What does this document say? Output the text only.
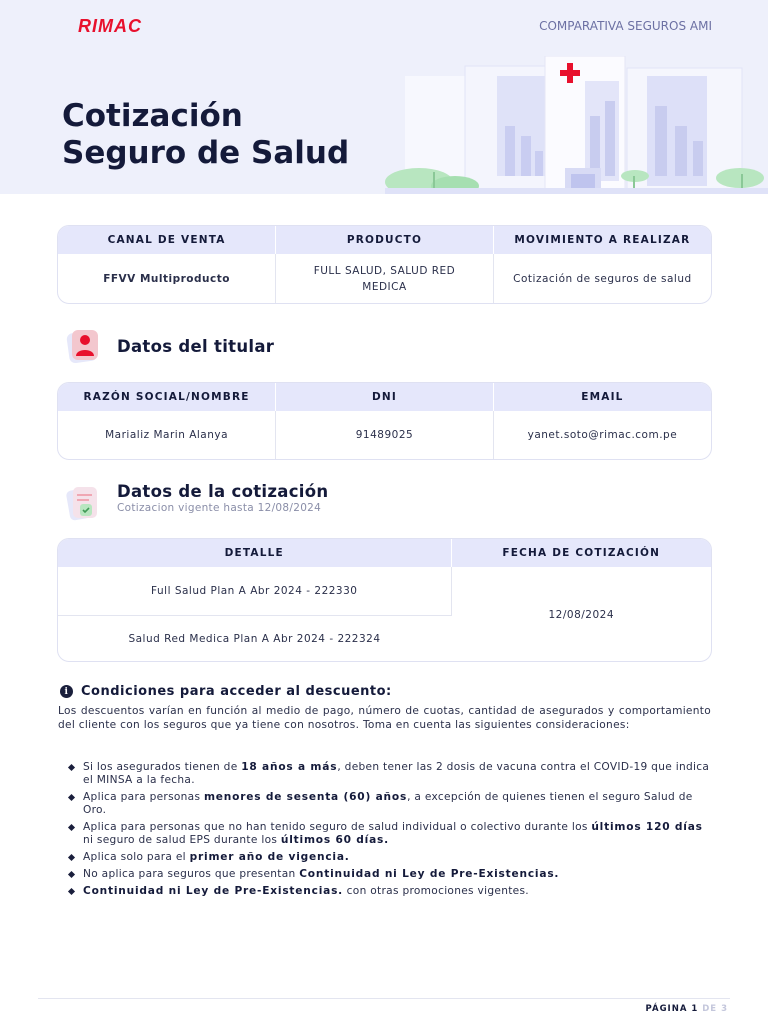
RIMAC	COMPARATIVA SEGUROS AMI
Cotización
Seguro de Salud
CANAL DE VENTA	PRODUCTO	MOVIMIENTO A REALIZAR
FFVV Multiproducto	FULL SALUD, SALUD RED MEDICA	Cotización de seguros de salud
Datos del titular
RAZÓN SOCIAL/NOMBRE	DNI	EMAIL
Marializ Marin Alanya	91489025	yanet.soto@rimac.com.pe
Datos de la cotización
Cotizacion vigente hasta 12/08/2024
DETALLE	FECHA DE COTIZACIÓN
Full Salud Plan A Abr 2024 - 222330	12/08/2024
Salud Red Medica Plan A Abr 2024 - 222324	
i Condiciones para acceder al descuento:
Los descuentos varían en función al medio de pago, número de cuotas, cantidad de asegurados y comportamiento del cliente con los seguros que ya tiene con nosotros. Toma en cuenta las siguientes consideraciones:
Si los asegurados tienen de 18 años a más, deben tener las 2 dosis de vacuna contra el COVID-19 que indica el MINSA a la fecha.
Aplica para personas menores de sesenta (60) años, a excepción de quienes tienen el seguro Salud de Oro.
Aplica para personas que no han tenido seguro de salud individual o colectivo durante los últimos 120 días ni seguro de salud EPS durante los últimos 60 días.
Aplica solo para el primer año de vigencia.
No aplica para seguros que presentan Continuidad ni Ley de Pre-Existencias.
Continuidad ni Ley de Pre-Existencias. con otras promociones vigentes.
PÁGINA 1 DE 3
